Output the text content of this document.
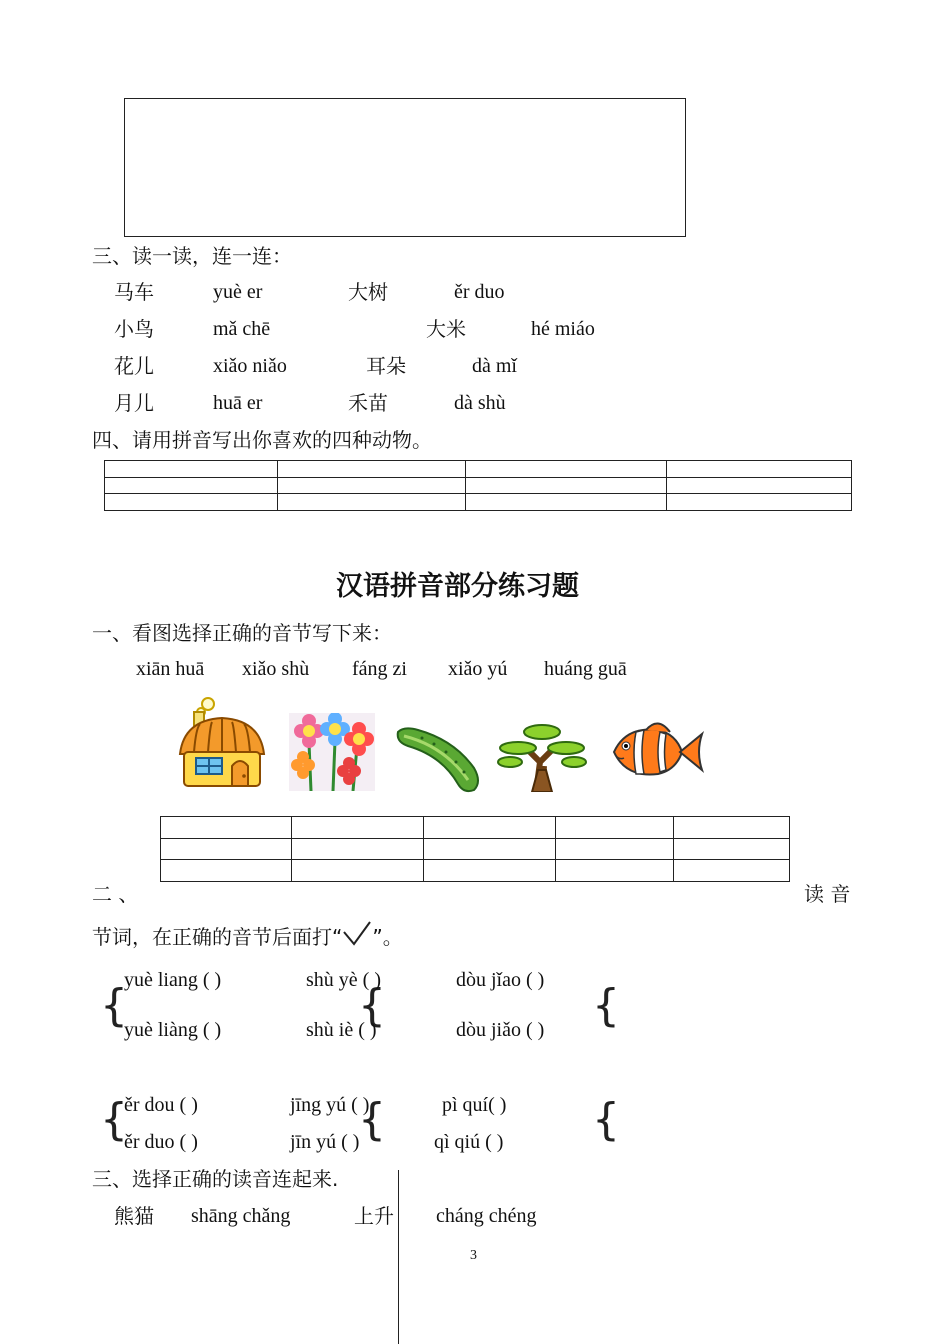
三、读一读，连一连：
马车	yuè er	大树	ěr duo
小鸟	mǎ chē	大米	hé miáo
花儿	xiǎo niǎo	耳朵	dà mǐ
月儿	huā er	禾苗	dà shù
四、请用拼音写出你喜欢的四种动物。

汉语拼音部分练习题
一、看图选择正确的音节写下来：
xiān huā xiǎo shù fáng zi xiǎo yú huáng guā

二 、	读 音
节词，在正确的音节后面打“ ”。
{	{	{
yuè liang ( )	shù yè ( )	dòu jǐao ( )
yuè liàng ( )	shù iè ( )	dòu jiǎo ( )
{	{	{
ěr dou ( )	jīng yú ( )	pì quí( )
ěr duo ( )	jīn yú ( )	qì qiú ( )
三、选择正确的读音连起来.
熊猫 shāng chǎng	上升 cháng chéng
3
